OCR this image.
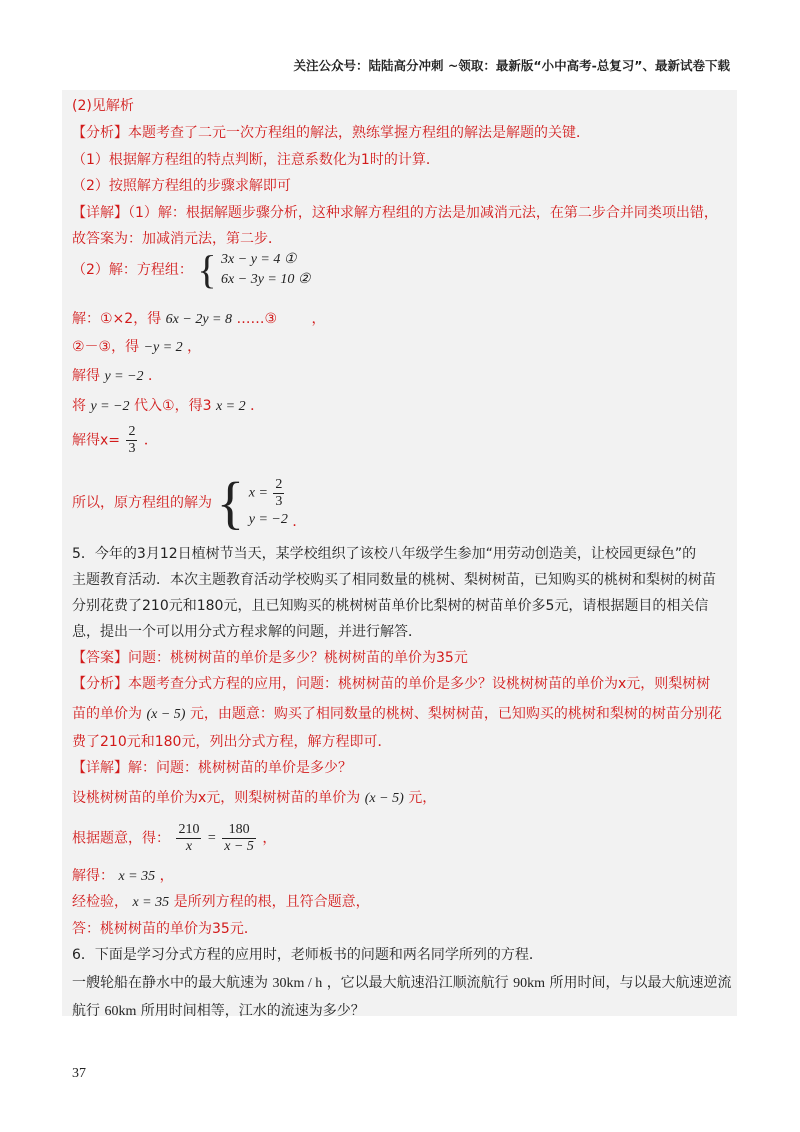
关注公众号：陆陆高分冲刺 ~领取：最新版“小中高考-总复习”、最新试卷下载
(2)见解析
【分析】本题考查了二元一次方程组的解法，熟练掌握方程组的解法是解题的关键．
（1）根据解方程组的特点判断，注意系数化为1时的计算．
（2）按照解方程组的步骤求解即可
【详解】（1）解：根据解题步骤分析，这种求解方程组的方法是加减消元法，在第二步合并同类项出错，
故答案为：加减消元法，第二步．
（2）解：方程组： { 3x − y = 4 ①
6x − 3y = 10 ②
解：①×2，得 6x − 2y = 8 ……③ ，
②－③，得 −y = 2 ，
解得 y = −2 ．
将 y = −2 代入①，得3 x = 2 ．
解得$x= \frac{2}{3}$ ．
所以，原方程组的解为 { $x = \frac{2}{3}$
y = −2 ．
5．今年的3月12日植树节当天，某学校组织了该校八年级学生参加“用劳动创造美，让校园更绿色”的
主题教育活动．本次主题教育活动学校购买了相同数量的桃树、梨树树苗，已知购买的桃树和梨树的树苗
分别花费了210元和180元，且已知购买的桃树树苗单价比梨树的树苗单价多5元，请根据题目的相关信
息，提出一个可以用分式方程求解的问题，并进行解答．
【答案】问题：桃树树苗的单价是多少？桃树树苗的单价为35元
【分析】本题考查分式方程的应用，问题：桃树树苗的单价是多少？设桃树树苗的单价为x元，则梨树树
苗的单价为 (x − 5) 元，由题意：购买了相同数量的桃树、梨树树苗，已知购买的桃树和梨树的树苗分别花
费了210元和180元，列出分式方程，解方程即可．
【详解】解：问题：桃树树苗的单价是多少？
设桃树树苗的单价为x元，则梨树树苗的单价为 (x − 5) 元，
根据题意，得： $\frac{210}{x} = \frac{180}{x - 5}$ ，
解得： x = 35 ，
经检验， x = 35 是所列方程的根，且符合题意，
答：桃树树苗的单价为35元．
6．下面是学习分式方程的应用时，老师板书的问题和两名同学所列的方程．
一艘轮船在静水中的最大航速为 30km / h ，它以最大航速沿江顺流航行 90km 所用时间，与以最大航速逆流
航行 60km 所用时间相等，江水的流速为多少？
37
